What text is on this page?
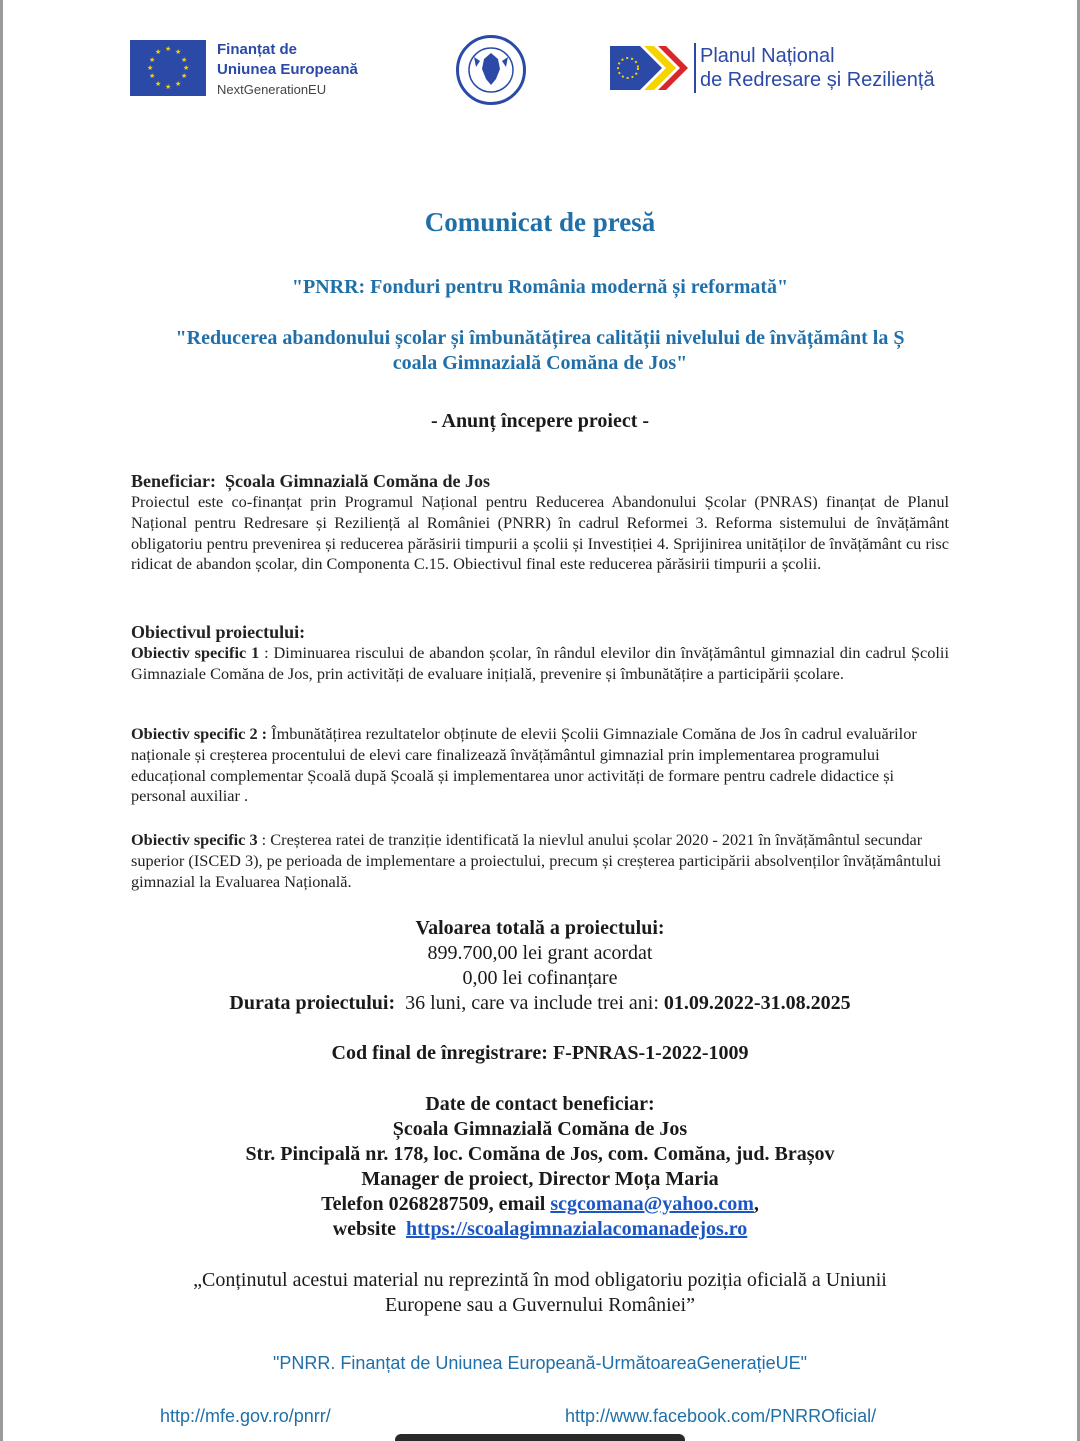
★ ★
★
★
★
★
★
★
★
★
★
★	Finanțat de
Uniunea Europeană
NextGenerationEU
Planul Național
de Redresare și Reziliență
Comunicat de presă
"PNRR: Fonduri pentru România modernă și reformată"
"Reducerea abandonului școlar și îmbunătățirea calității nivelului de învățământ la Ș
coala Gimnazială Comăna de Jos"
- Anunț începere proiect -
Beneficiar: Școala Gimnazială Comăna de Jos
Proiectul este co-finanțat prin Programul Național pentru Reducerea Abandonului Școlar (PNRAS) finanțat de Planul Național pentru Redresare și Reziliență al României (PNRR) în cadrul Reformei 3. Reforma sistemului de învățământ obligatoriu pentru prevenirea și reducerea părăsirii timpurii a școlii și Investiției 4. Sprijinirea unităților de învățământ cu risc ridicat de abandon școlar, din Componenta C.15. Obiectivul final este reducerea părăsirii timpurii a școlii.
Obiectivul proiectului:
Obiectiv specific 1 : Diminuarea riscului de abandon școlar, în rândul elevilor din învățământul gimnazial din cadrul Școlii Gimnaziale Comăna de Jos, prin activități de evaluare inițială, prevenire și îmbunătățire a participării școlare.
Obiectiv specific 2 : Îmbunătățirea rezultatelor obținute de elevii Școlii Gimnaziale Comăna de Jos în cadrul evaluărilor naționale și creșterea procentului de elevi care finalizează învățământul gimnazial prin implementarea programului educațional complementar Școală după Școală și implementarea unor activități de formare pentru cadrele didactice și personal auxiliar .
Obiectiv specific 3 : Creșterea ratei de tranziție identificată la nievlul anului școlar 2020 - 2021 în învățământul secundar superior (ISCED 3), pe perioada de implementare a proiectului, precum și creșterea participării absolvenților învățământului gimnazial la Evaluarea Națională.
Valoarea totală a proiectului:
899.700,00 lei grant acordat
0,00 lei cofinanțare
Durata proiectului: 36 luni, care va include trei ani: 01.09.2022-31.08.2025
Cod final de înregistrare: F-PNRAS-1-2022-1009
Date de contact beneficiar:
Școala Gimnazială Comăna de Jos
Str. Pincipală nr. 178, loc. Comăna de Jos, com. Comăna, jud. Brașov
Manager de proiect, Director Moța Maria
Telefon 0268287509, email scgcomana@yahoo.com,
website https://scoalagimnazialacomanadejos.ro
„Conținutul acestui material nu reprezintă în mod obligatoriu poziția oficială a Uniunii
Europene sau a Guvernului României”
"PNRR. Finanțat de Uniunea Europeană-UrmătoareaGenerațieUE"
http://mfe.gov.ro/pnrr/	http://www.facebook.com/PNRROficial/
